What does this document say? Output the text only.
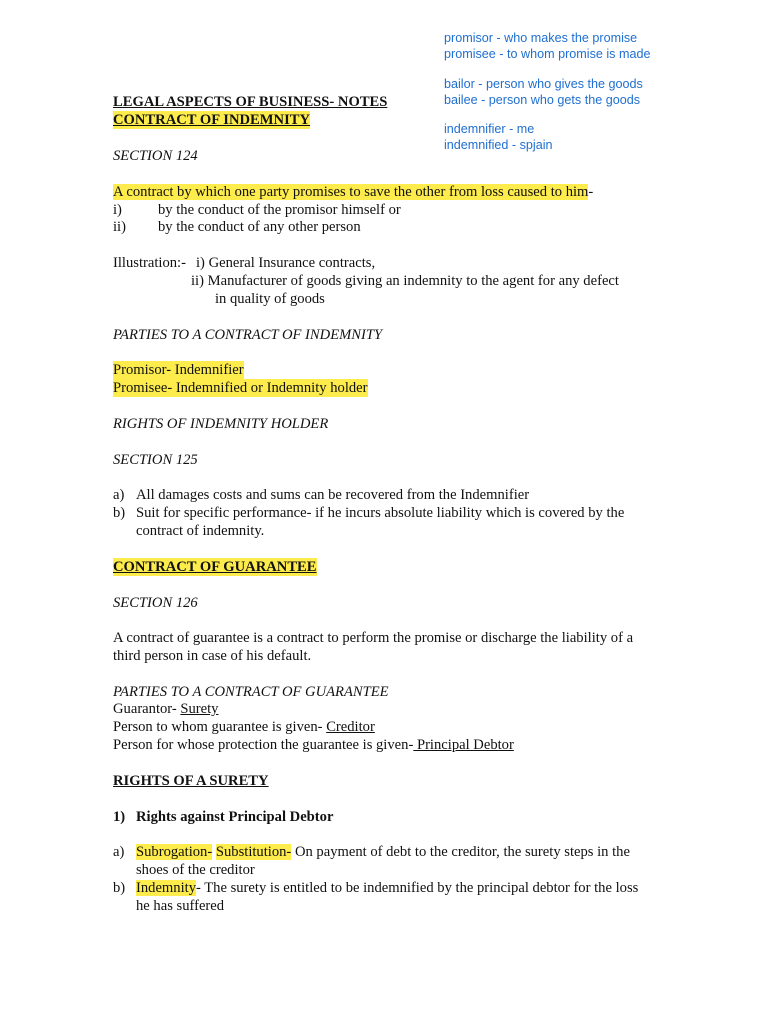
promisor - who makes the promise
promisee - to whom promise is made
bailor - person who gives the goods
bailee - person who gets the goods
indemnifier - me
indemnified - spjain
LEGAL ASPECTS OF BUSINESS- NOTES
CONTRACT OF INDEMNITY
SECTION 124
A contract by which one party promises to save the other from loss caused to him-
i) by the conduct of the promisor himself or
ii) by the conduct of any other person
Illustration:- i) General Insurance contracts,
ii) Manufacturer of goods giving an indemnity to the agent for any defect
in quality of goods
PARTIES TO A CONTRACT OF INDEMNITY
Promisor- Indemnifier
Promisee- Indemnified or Indemnity holder
RIGHTS OF INDEMNITY HOLDER
SECTION 125
a) All damages costs and sums can be recovered from the Indemnifier
b) Suit for specific performance- if he incurs absolute liability which is covered by the
contract of indemnity.
CONTRACT OF GUARANTEE
SECTION 126
A contract of guarantee is a contract to perform the promise or discharge the liability of a
third person in case of his default.
PARTIES TO A CONTRACT OF GUARANTEE
Guarantor- Surety
Person to whom guarantee is given- Creditor
Person for whose protection the guarantee is given- Principal Debtor
RIGHTS OF A SURETY
1) Rights against Principal Debtor
a) Subrogation- Substitution- On payment of debt to the creditor, the surety steps in the
shoes of the creditor
b) Indemnity- The surety is entitled to be indemnified by the principal debtor for the loss
he has suffered
